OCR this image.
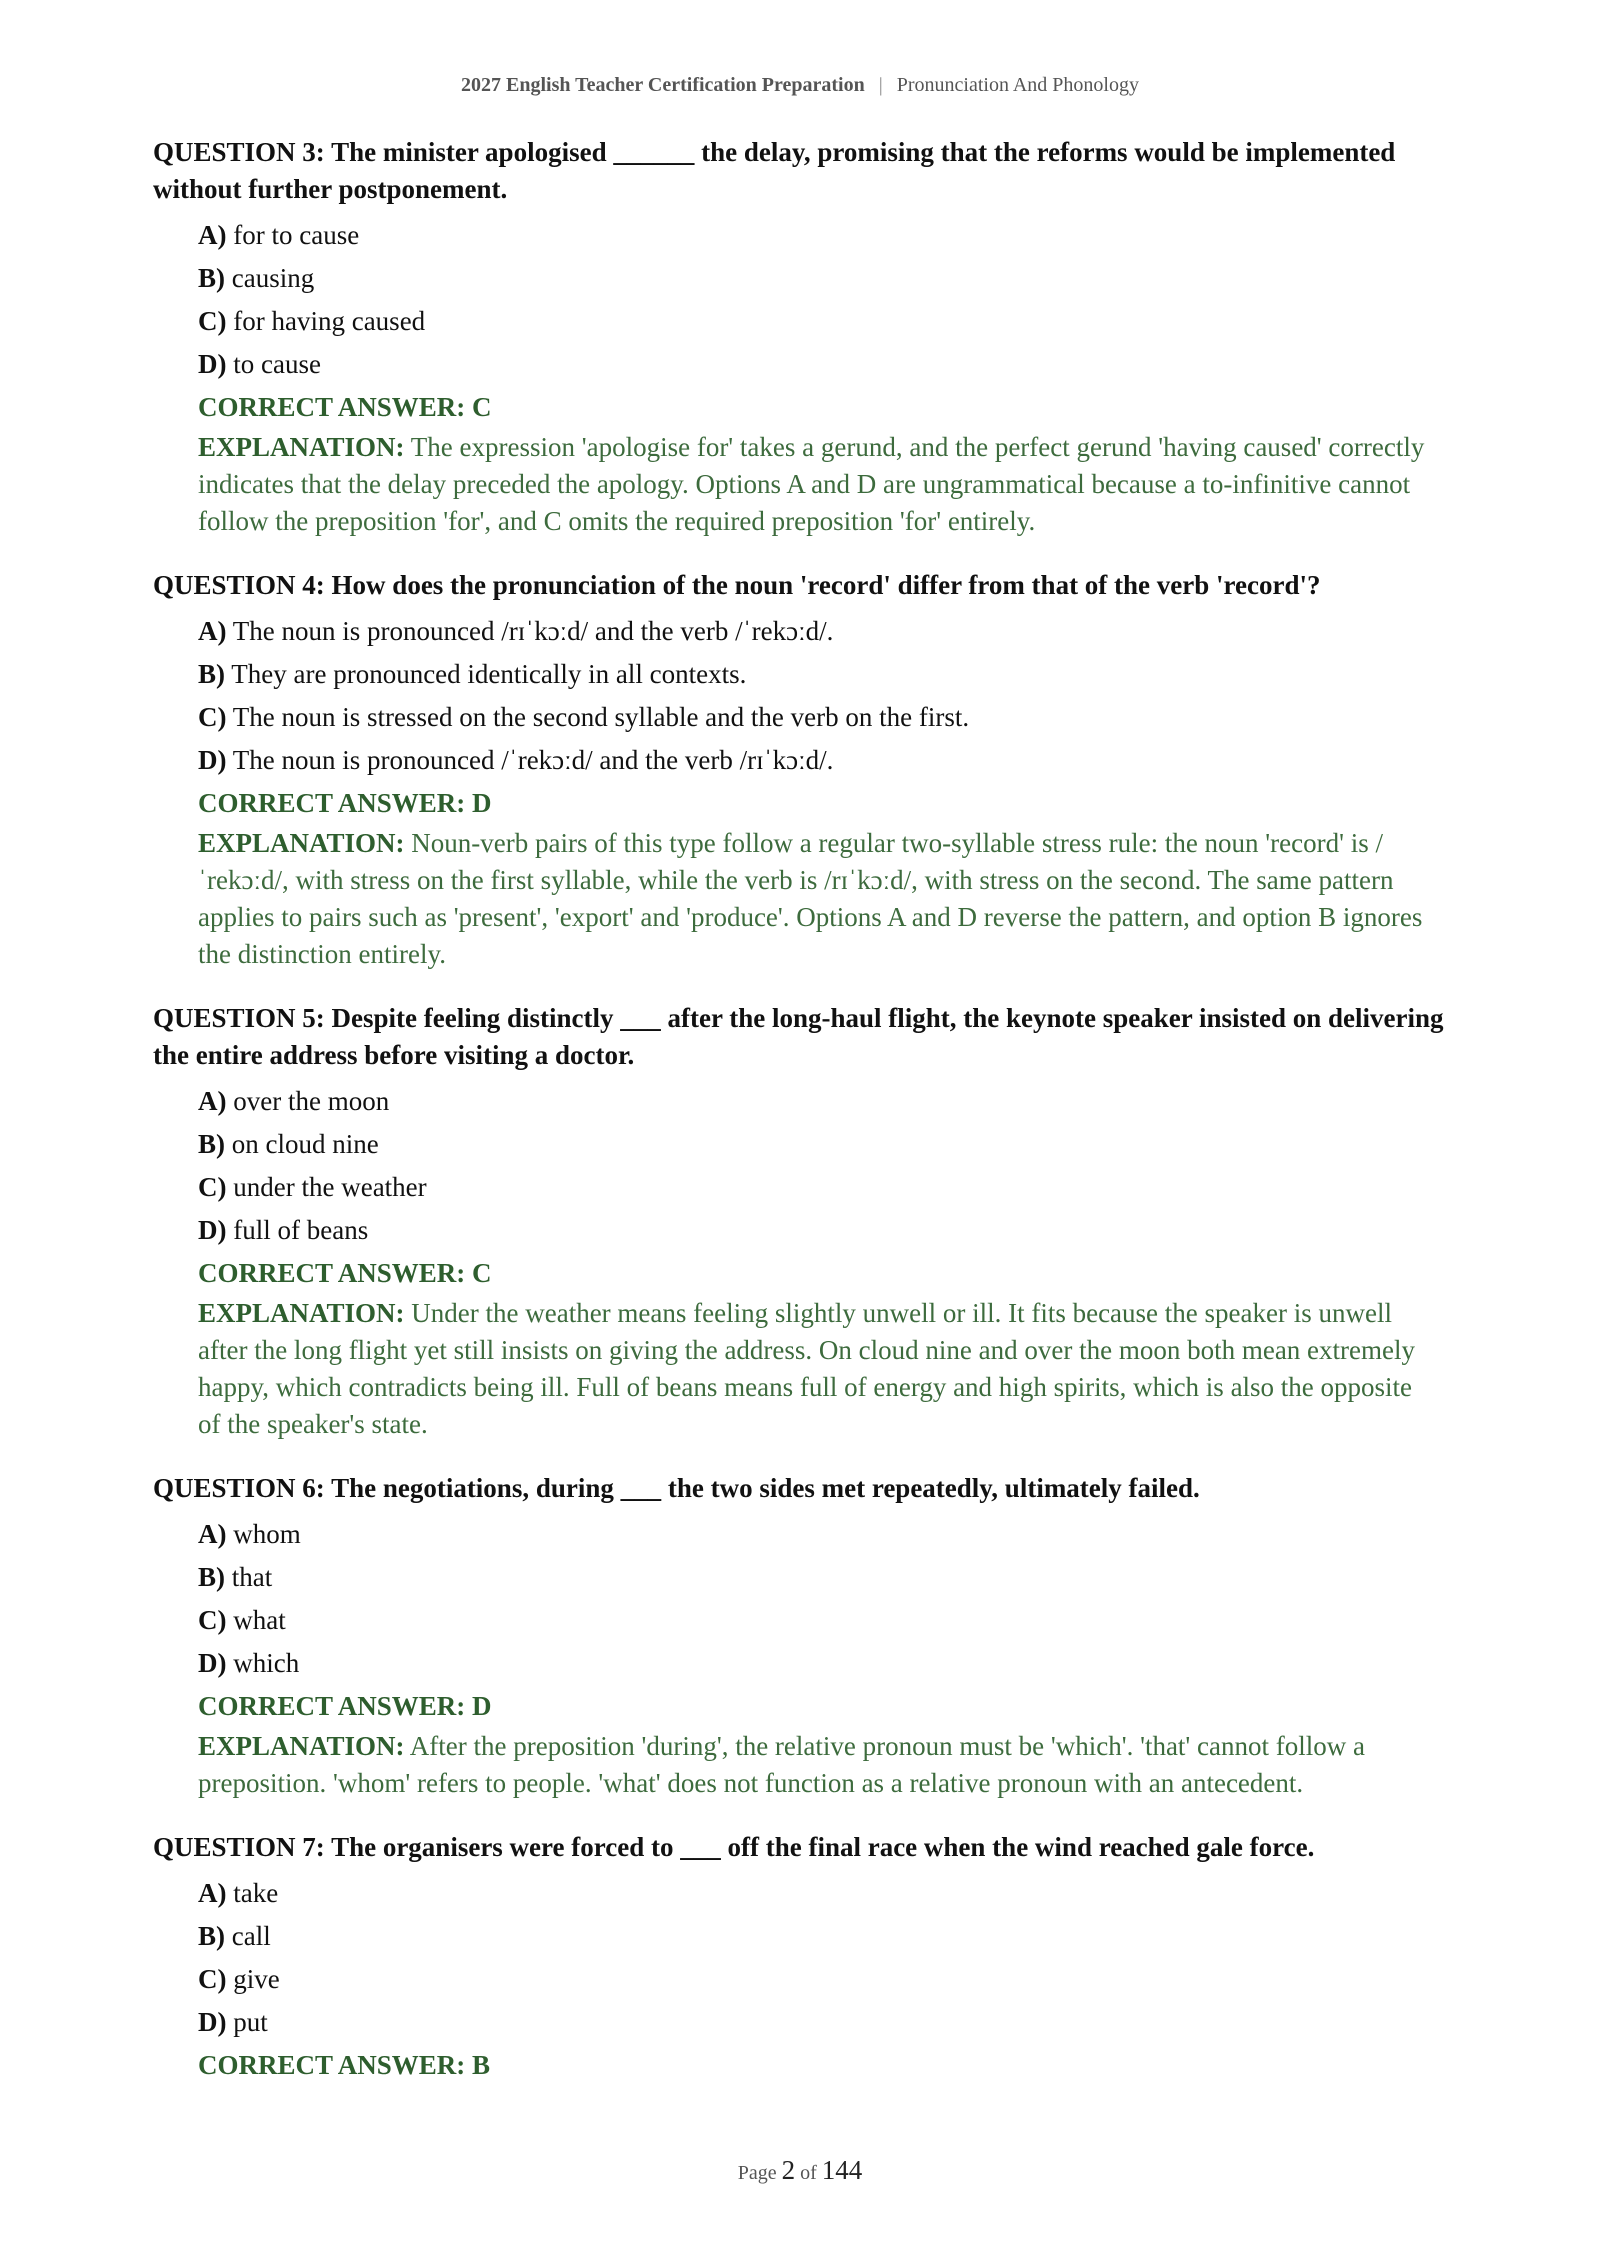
2027 English Teacher Certification Preparation | Pronunciation And Phonology

QUESTION 3: The minister apologised ______ the delay, promising that the reforms would be implemented without further postponement.

A) for to cause
B) causing
C) for having caused
D) to cause
CORRECT ANSWER: C

EXPLANATION: The expression 'apologise for' takes a gerund, and the perfect gerund 'having caused' correctly indicates that the delay preceded the apology. Options A and D are ungrammatical because a to-infinitive cannot follow the preposition 'for', and C omits the required preposition 'for' entirely.

QUESTION 4: How does the pronunciation of the noun 'record' differ from that of the verb 'record'?

A) The noun is pronounced /rɪˈkɔːd/ and the verb /ˈrekɔːd/.
B) They are pronounced identically in all contexts.
C) The noun is stressed on the second syllable and the verb on the first.
D) The noun is pronounced /ˈrekɔːd/ and the verb /rɪˈkɔːd/.
CORRECT ANSWER: D

EXPLANATION: Noun-verb pairs of this type follow a regular two-syllable stress rule: the noun 'record' is /ˈrekɔːd/, with stress on the first syllable, while the verb is /rɪˈkɔːd/, with stress on the second. The same pattern applies to pairs such as 'present', 'export' and 'produce'. Options A and D reverse the pattern, and option B ignores the distinction entirely.

QUESTION 5: Despite feeling distinctly ___ after the long-haul flight, the keynote speaker insisted on delivering the entire address before visiting a doctor.

A) over the moon
B) on cloud nine
C) under the weather
D) full of beans
CORRECT ANSWER: C

EXPLANATION: Under the weather means feeling slightly unwell or ill. It fits because the speaker is unwell after the long flight yet still insists on giving the address. On cloud nine and over the moon both mean extremely happy, which contradicts being ill. Full of beans means full of energy and high spirits, which is also the opposite of the speaker's state.

QUESTION 6: The negotiations, during ___ the two sides met repeatedly, ultimately failed.

A) whom
B) that
C) what
D) which
CORRECT ANSWER: D

EXPLANATION: After the preposition 'during', the relative pronoun must be 'which'. 'that' cannot follow a preposition. 'whom' refers to people. 'what' does not function as a relative pronoun with an antecedent.

QUESTION 7: The organisers were forced to ___ off the final race when the wind reached gale force.

A) take
B) call
C) give
D) put
CORRECT ANSWER: B
Page 2 of 144
